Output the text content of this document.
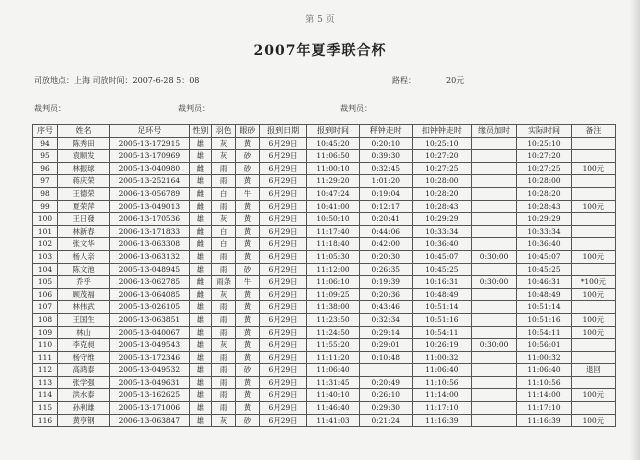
第 5 页
2007年夏季联合杯
司放地点：上海 司放时间：2007-6-28 5：08	路程：	20元
裁判员：	裁判员：	裁判员：
序号	姓名	足环号	性别	羽色	眼砂	报到日期	报到时间	秤钟走时	扣钟钟走时	缘员加时	实际时间	备注
94	陈秀田	2005-13-172915	雄	灰	黄	6月29日	10:45:20	0:20:10	10:25:10		10:25:10	
95	袁顺发	2005-13-170969	雄	灰	砂	6月29日	11:06:50	0:39:30	10:27:20		10:27:20	
96	林振球	2005-13-040980	雌	雨	砂	6月29日	11:00:10	0:32:45	10:27:25		10:27:25	100元
97	蒋庆荣	2005-13-252164	雄	雨	黄	6月29日	11:29:20	1:01:20	10:28:00		10:28:00	
98	王德荣	2006-13-056789	雌	白	牛	6月29日	10:47:24	0:19:04	10:28:20		10:28:20	
99	夏荣萍	2005-13-049013	雌	雨	黄	6月29日	10:41:00	0:12:17	10:28:43		10:28:43	100元
100	王日發	2006-13-170536	雄	灰	黄	6月29日	10:50:10	0:20:41	10:29:29		10:29:29	
101	林新春	2006-13-171833	雌	白	黄	6月29日	11:17:40	0:44:06	10:33:34		10:33:34	
102	张文华	2006-13-063308	雌	白	黄	6月29日	11:18:40	0:42:00	10:36:40		10:36:40	
103	杨人亲	2006-13-063132	雄	雨	黄	6月29日	11:05:30	0:20:30	10:45:07	0:30:00	10:45:07	100元
104	陈文池	2005-13-048945	雄	雨	砂	6月29日	11:12:00	0:26:35	10:45:25		10:45:25	
105	乔乎	2006-13-062785	雌	雨条	牛	6月29日	11:06:10	0:19:39	10:16:31	0:30:00	10:46:31	*100元
106	顾茂福	2006-13-064085	雌	灰	黄	6月29日	11:09:25	0:20:36	10:48:49		10:48:49	100元
107	林伟武	2005-13-026105	雄	雨	黄	6月29日	11:38:00	0:43:46	10:51:14		10:51:14	
108	王国生	2005-13-063851	雄	雨	黄	6月29日	11:23:50	0:32:34	10:51:16		10:51:16	100元
109	林山	2005-13-040067	雄	雨	黄	6月29日	11:24:50	0:29:14	10:54:11		10:54:11	100元
110	李克昶	2005-13-049543	雄	灰	黄	6月29日	11:55:20	0:29:01	10:26:19	0:30:00	10:56:01	
111	杨守维	2005-13-172346	雄	雨	黄	6月29日	11:11:20	0:10:48	11:00:32		11:00:32	
112	高鸿泰	2005-13-049532	雄	雨	砂	6月29日	11:06:40		11:06:40		11:06:40	退回
113	张学强	2005-13-049631	雄	雨	黄	6月29日	11:31:45	0:20:49	11:10:56		11:10:56	
114	洪水泰	2005-13-162625	雄	雨	黄	6月29日	11:40:10	0:26:10	11:14:00		11:14:00	100元
115	孙利雄	2005-13-171006	雄	雨	黄	6月29日	11:46:40	0:29:30	11:17:10		11:17:10	
116	黄亨钢	2006-13-063847	雄	灰	砂	6月29日	11:41:03	0:21:24	11:16:39		11:16:39	100元
